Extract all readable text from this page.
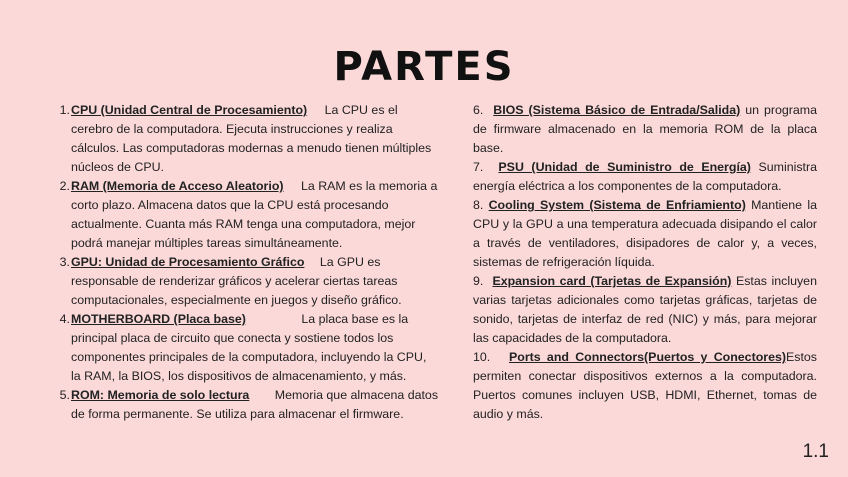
PARTES
1. CPU (Unidad Central de Procesamiento) La CPU es el cerebro de la computadora. Ejecuta instrucciones y realiza cálculos. Las computadoras modernas a menudo tienen múltiples núcleos de CPU.
2. RAM (Memoria de Acceso Aleatorio) La RAM es la memoria a corto plazo. Almacena datos que la CPU está procesando actualmente. Cuanta más RAM tenga una computadora, mejor podrá manejar múltiples tareas simultáneamente.
3. GPU: Unidad de Procesamiento Gráfico La GPU es responsable de renderizar gráficos y acelerar ciertas tareas computacionales, especialmente en juegos y diseño gráfico.
4. MOTHERBOARD (Placa base)	La placa base es la principal placa de circuito que conecta y sostiene todos los componentes principales de la computadora, incluyendo la CPU, la RAM, la BIOS, los dispositivos de almacenamiento, y más.
5. ROM: Memoria de solo lectura Memoria que almacena datos de forma permanente. Se utiliza para almacenar el firmware.
6. BIOS (Sistema Básico de Entrada/Salida) un programa de firmware almacenado en la memoria ROM de la placa base.
7. PSU (Unidad de Suministro de Energía) Suministra energía eléctrica a los componentes de la computadora.
8. Cooling System (Sistema de Enfriamiento) Mantiene la CPU y la GPU a una temperatura adecuada disipando el calor a través de ventiladores, disipadores de calor y, a veces, sistemas de refrigeración líquida.
9. Expansion card (Tarjetas de Expansión) Estas incluyen varias tarjetas adicionales como tarjetas gráficas, tarjetas de sonido, tarjetas de interfaz de red (NIC) y más, para mejorar las capacidades de la computadora.
10. Ports and Connectors(Puertos y Conectores)Estos permiten conectar dispositivos externos a la computadora. Puertos comunes incluyen USB, HDMI, Ethernet, tomas de audio y más.
1.1
